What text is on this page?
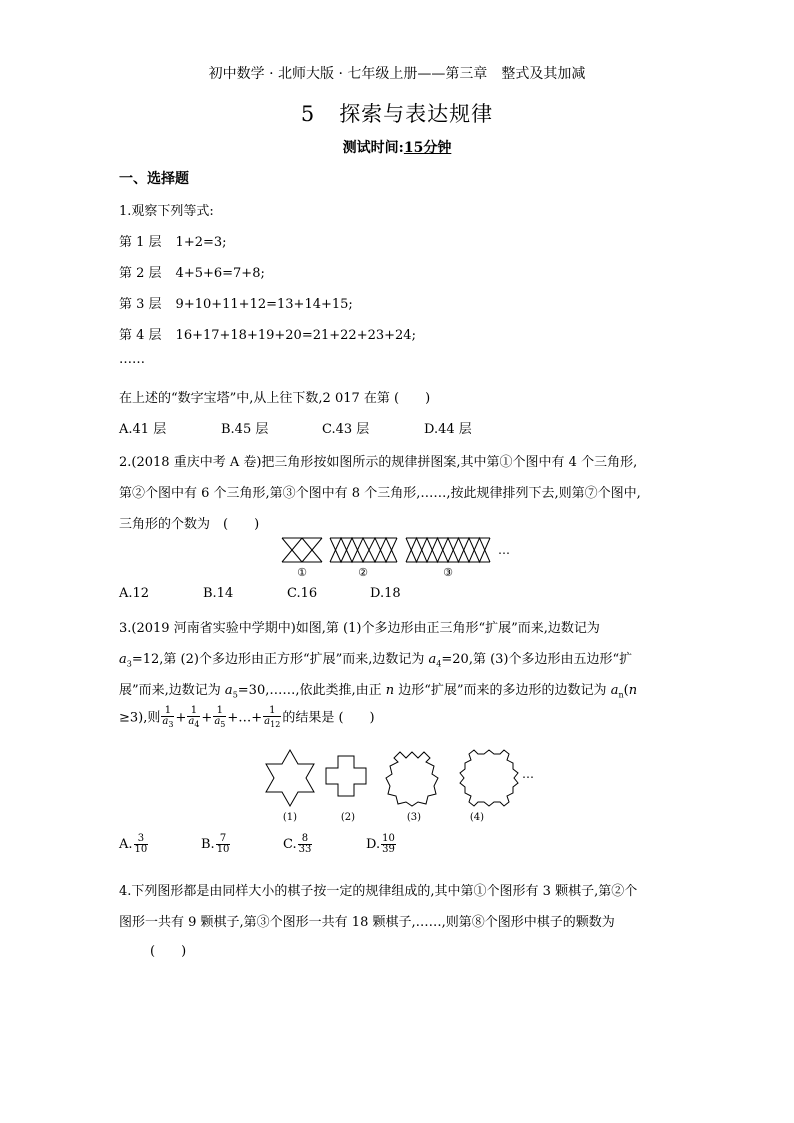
初中数学 · 北师大版 · 七年级上册——第三章　整式及其加减
5 探索与表达规律
测试时间:15分钟
一、选择题
1.观察下列等式:
第 1 层 1+2=3;
第 2 层 4+5+6=7+8;
第 3 层 9+10+11+12=13+14+15;
第 4 层 16+17+18+19+20=21+22+23+24;
……
在上述的“数字宝塔”中,从上往下数,2 017 在第 (　　)
A.41 层	B.45 层	C.43 层	D.44 层
2.(2018 重庆中考 A 卷)把三角形按如图所示的规律拼图案,其中第①个图中有 4 个三角形,
第②个图中有 6 个三角形,第③个图中有 8 个三角形,……,按此规律排列下去,则第⑦个图中,
三角形的个数为　(　　)
①	②	③
…
A.12	B.14	C.16	D.18
3.(2019 河南省实验中学期中)如图,第 (1)个多边形由正三角形“扩展”而来,边数记为
$a_3=12$,第 (2)个多边形由正方形“扩展”而来,边数记为 $a_4=20$,第 (3)个多边形由五边形“扩
展”而来,边数记为 $a_5=30,\dots\dots$,依此类推,由正 n 边形“扩展”而来的多边形的边数记为 $a_n(n$
≥3),则 $\frac{1}{a_3} + \frac{1}{a_4} + \frac{1}{a_5}$ +…+ $\frac{1}{a_{12}}$ 的结果是 (　　)
…
(1)	(2)	(3)	(4)
A. $\frac{3}{10}$	B. $\frac{7}{10}$	C. $\frac{8}{33}$	D. $\frac{10}{39}$
4.下列图形都是由同样大小的棋子按一定的规律组成的,其中第①个图形有 3 颗棋子,第②个
图形一共有 9 颗棋子,第③个图形一共有 18 颗棋子,……,则第⑧个图形中棋子的颗数为
(　　)
